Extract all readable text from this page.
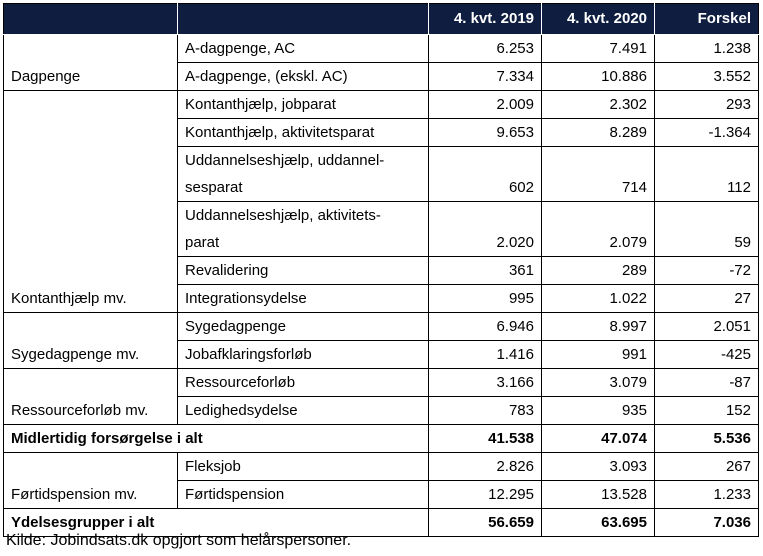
		4. kvt. 2019	4. kvt. 2020	Forskel
Dagpenge	A-dagpenge, AC	6.253	7.491	1.238
	A-dagpenge, (ekskl. AC)	7.334	10.886	3.552
Kontanthjælp mv.	Kontanthjælp, jobparat	2.009	2.302	293
	Kontanthjælp, aktivitetsparat	9.653	8.289	-1.364
	Uddannelseshjælp, uddannel-
sesparat	602	714	112
	Uddannelseshjælp, aktivitets-
parat	2.020	2.079	59
	Revalidering	361	289	-72
	Integrationsydelse	995	1.022	27
Sygedagpenge mv.	Sygedagpenge	6.946	8.997	2.051
	Jobafklaringsforløb	1.416	991	-425
Ressourceforløb mv.	Ressourceforløb	3.166	3.079	-87
	Ledighedsydelse	783	935	152
Midlertidig forsørgelse i alt		41.538	47.074	5.536
Førtidspension mv.	Fleksjob	2.826	3.093	267
	Førtidspension	12.295	13.528	1.233
Ydelsesgrupper i alt		56.659	63.695	7.036
Kilde: Jobindsats.dk opgjort som helårspersoner.
